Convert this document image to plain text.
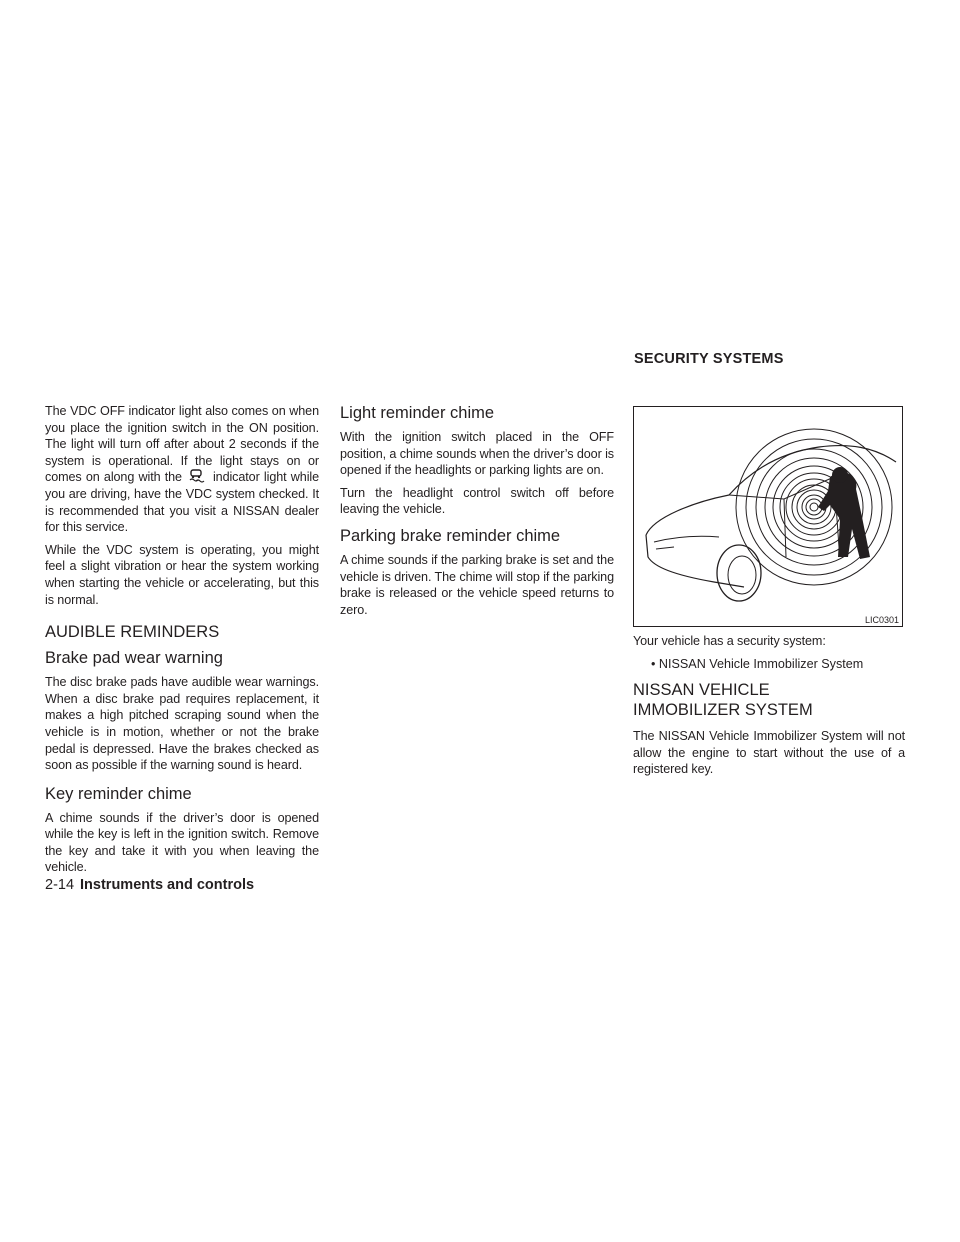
The VDC OFF indicator light also comes on when you place the ignition switch in the ON position. The light will turn off after about 2 seconds if the system is operational. If the light stays on or comes on along with the indicator light while you are driving, have the VDC system checked. It is recommended that you visit a NISSAN dealer for this service.

While the VDC system is operating, you might feel a slight vibration or hear the system working when starting the vehicle or accelerating, but this is normal.

AUDIBLE REMINDERS
Brake pad wear warning

The disc brake pads have audible wear warnings. When a disc brake pad requires replacement, it makes a high pitched scraping sound when the vehicle is in motion, whether or not the brake pedal is depressed. Have the brakes checked as soon as possible if the warning sound is heard.

Key reminder chime

A chime sounds if the driver’s door is opened while the key is left in the ignition switch. Remove the key and take it with you when leaving the vehicle.

Light reminder chime

With the ignition switch placed in the OFF position, a chime sounds when the driver’s door is opened if the headlights or parking lights are on.

Turn the headlight control switch off before leaving the vehicle.

Parking brake reminder chime

A chime sounds if the parking brake is set and the vehicle is driven. The chime will stop if the parking brake is released or the vehicle speed returns to zero.

SECURITY SYSTEMS
LIC0301

Your vehicle has a security system:

• NISSAN Vehicle Immobilizer System
NISSAN VEHICLE IMMOBILIZER SYSTEM

The NISSAN Vehicle Immobilizer System will not allow the engine to start without the use of a registered key.

2-14 Instruments and controls
